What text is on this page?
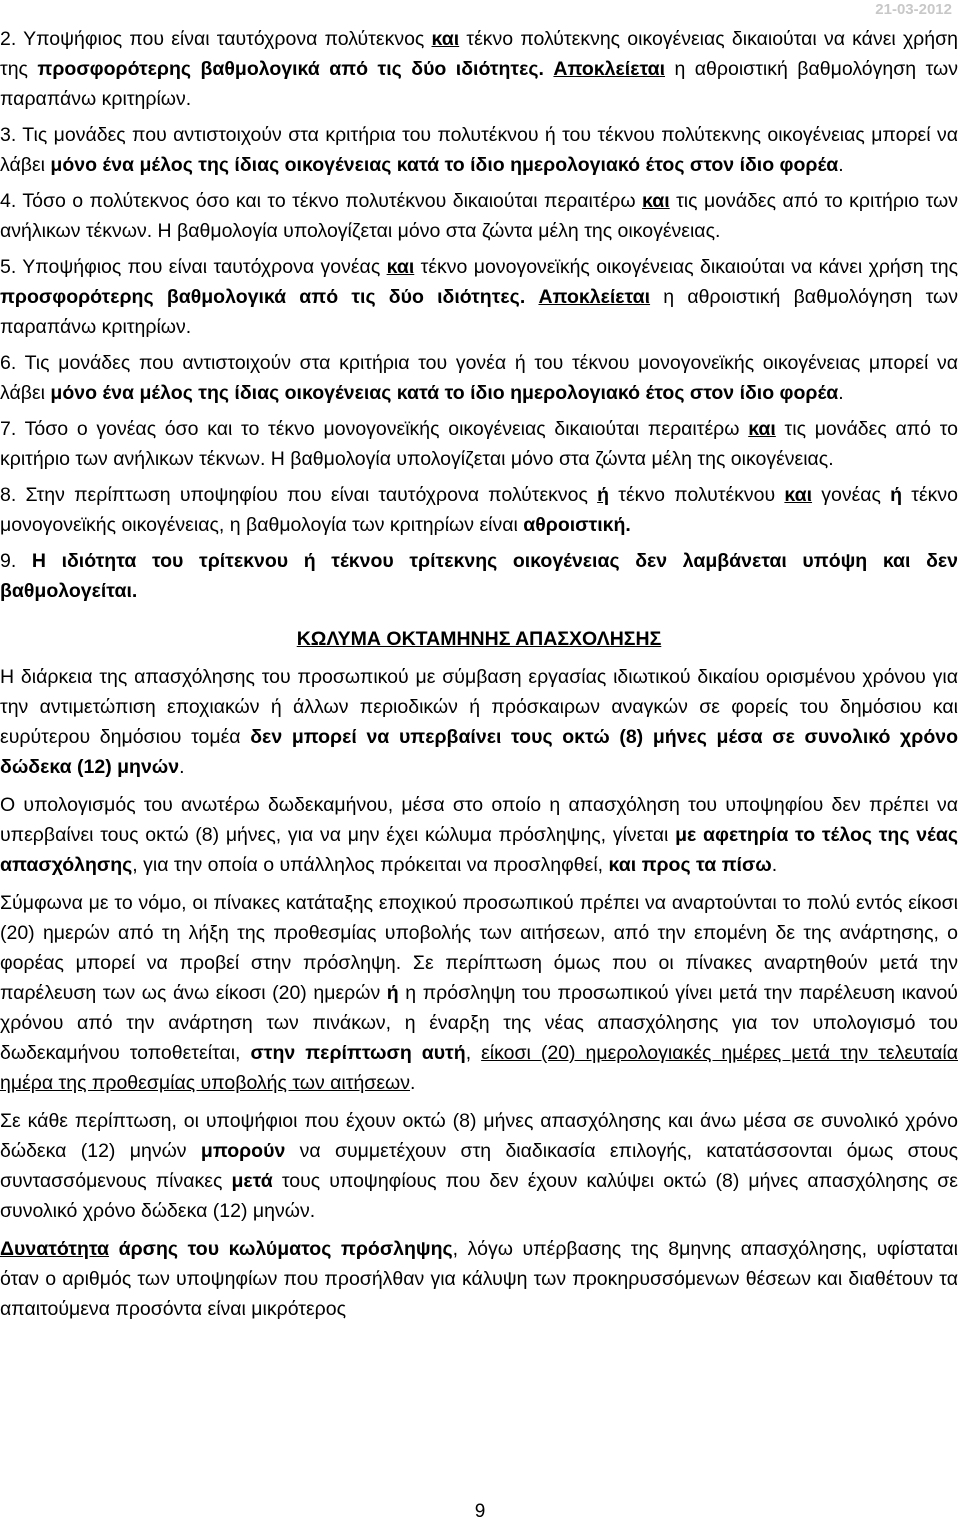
21-03-2012

2. Υποψήφιος που είναι ταυτόχρονα πολύτεκνος και τέκνο πολύτεκνης οικογένειας δικαιούται να κάνει χρήση της προσφορότερης βαθμολογικά από τις δύο ιδιότητες. Αποκλείεται η αθροιστική βαθμολόγηση των παραπάνω κριτηρίων.

3. Τις μονάδες που αντιστοιχούν στα κριτήρια του πολυτέκνου ή του τέκνου πολύτεκνης οικογένειας μπορεί να λάβει μόνο ένα μέλος της ίδιας οικογένειας κατά το ίδιο ημερολογιακό έτος στον ίδιο φορέα.

4. Τόσο ο πολύτεκνος όσο και το τέκνο πολυτέκνου δικαιούται περαιτέρω και τις μονάδες από το κριτήριο των ανήλικων τέκνων. Η βαθμολογία υπολογίζεται μόνο στα ζώντα μέλη της οικογένειας.

5. Υποψήφιος που είναι ταυτόχρονα γονέας και τέκνο μονογονεϊκής οικογένειας δικαιούται να κάνει χρήση της προσφορότερης βαθμολογικά από τις δύο ιδιότητες. Αποκλείεται η αθροιστική βαθμολόγηση των παραπάνω κριτηρίων.

6. Τις μονάδες που αντιστοιχούν στα κριτήρια του γονέα ή του τέκνου μονογονεϊκής οικογένειας μπορεί να λάβει μόνο ένα μέλος της ίδιας οικογένειας κατά το ίδιο ημερολογιακό έτος στον ίδιο φορέα.

7. Τόσο ο γονέας όσο και το τέκνο μονογονεϊκής οικογένειας δικαιούται περαιτέρω και τις μονάδες από το κριτήριο των ανήλικων τέκνων. Η βαθμολογία υπολογίζεται μόνο στα ζώντα μέλη της οικογένειας.

8. Στην περίπτωση υποψηφίου που είναι ταυτόχρονα πολύτεκνος ή τέκνο πολυτέκνου και γονέας ή τέκνο μονογονεϊκής οικογένειας, η βαθμολογία των κριτηρίων είναι αθροιστική.

9. Η ιδιότητα του τρίτεκνου ή τέκνου τρίτεκνης οικογένειας δεν λαμβάνεται υπόψη και δεν βαθμολογείται.

ΚΩΛΥΜΑ ΟΚΤΑΜΗΝΗΣ ΑΠΑΣΧΟΛΗΣΗΣ

Η διάρκεια της απασχόλησης του προσωπικού με σύμβαση εργασίας ιδιωτικού δικαίου ορισμένου χρόνου για την αντιμετώπιση εποχιακών ή άλλων περιοδικών ή πρόσκαιρων αναγκών σε φορείς του δημόσιου και ευρύτερου δημόσιου τομέα δεν μπορεί να υπερβαίνει τους οκτώ (8) μήνες μέσα σε συνολικό χρόνο δώδεκα (12) μηνών.

Ο υπολογισμός του ανωτέρω δωδεκαμήνου, μέσα στο οποίο η απασχόληση του υποψηφίου δεν πρέπει να υπερβαίνει τους οκτώ (8) μήνες, για να μην έχει κώλυμα πρόσληψης, γίνεται με αφετηρία το τέλος της νέας απασχόλησης, για την οποία ο υπάλληλος πρόκειται να προσληφθεί, και προς τα πίσω.

Σύμφωνα με το νόμο, οι πίνακες κατάταξης εποχικού προσωπικού πρέπει να αναρτούνται το πολύ εντός είκοσι (20) ημερών από τη λήξη της προθεσμίας υποβολής των αιτήσεων, από την επομένη δε της ανάρτησης, ο φορέας μπορεί να προβεί στην πρόσληψη. Σε περίπτωση όμως που οι πίνακες αναρτηθούν μετά την παρέλευση των ως άνω είκοσι (20) ημερών ή η πρόσληψη του προσωπικού γίνει μετά την παρέλευση ικανού χρόνου από την ανάρτηση των πινάκων, η έναρξη της νέας απασχόλησης για τον υπολογισμό του δωδεκαμήνου τοποθετείται, στην περίπτωση αυτή, είκοσι (20) ημερολογιακές ημέρες μετά την τελευταία ημέρα της προθεσμίας υποβολής των αιτήσεων.

Σε κάθε περίπτωση, οι υποψήφιοι που έχουν οκτώ (8) μήνες απασχόλησης και άνω μέσα σε συνολικό χρόνο δώδεκα (12) μηνών μπορούν να συμμετέχουν στη διαδικασία επιλογής, κατατάσσονται όμως στους συντασσόμενους πίνακες μετά τους υποψηφίους που δεν έχουν καλύψει οκτώ (8) μήνες απασχόλησης σε συνολικό χρόνο δώδεκα (12) μηνών.

Δυνατότητα άρσης του κωλύματος πρόσληψης, λόγω υπέρβασης της 8μηνης απασχόλησης, υφίσταται όταν ο αριθμός των υποψηφίων που προσήλθαν για κάλυψη των προκηρυσσόμενων θέσεων και διαθέτουν τα απαιτούμενα προσόντα είναι μικρότερος

9
